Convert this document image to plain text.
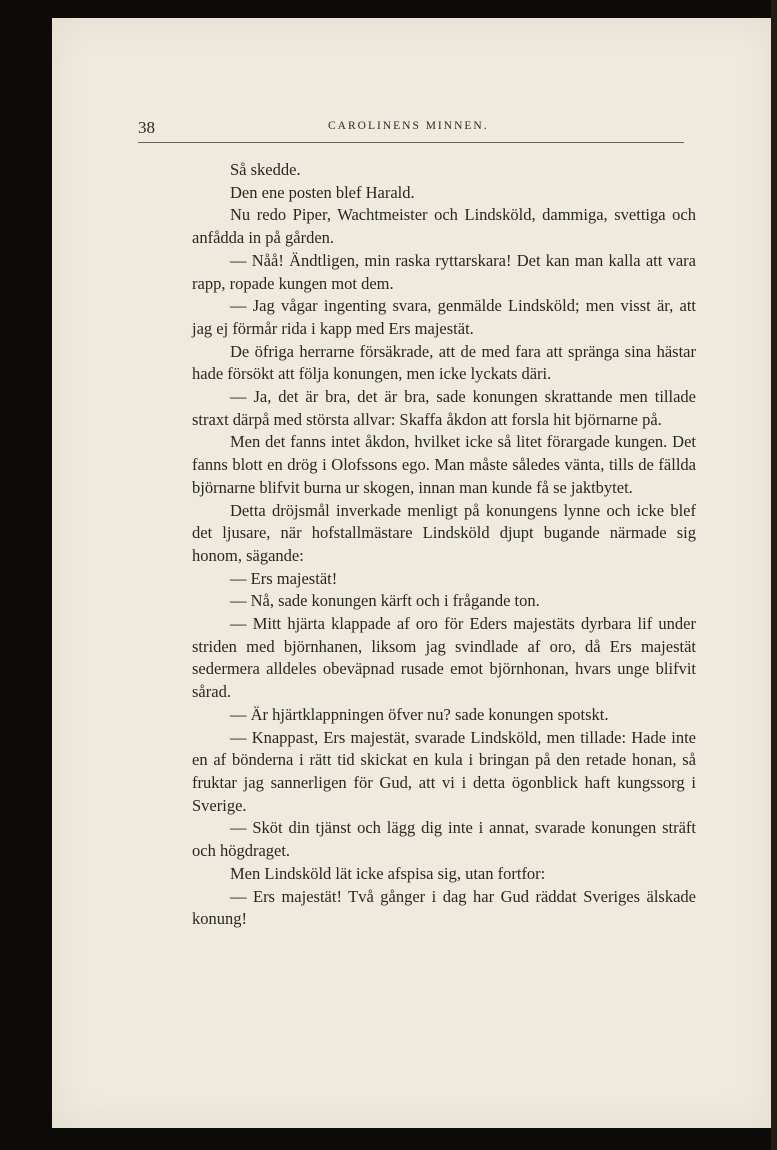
38	CAROLINENS MINNEN.

Så skedde.

Den ene posten blef Harald.

Nu redo Piper, Wachtmeister och Lindsköld, dammiga, svettiga och anfådda in på gården.

— Nåå! Ändtligen, min raska ryttarskara! Det kan man kalla att vara rapp, ropade kungen mot dem.

— Jag vågar ingenting svara, genmälde Lindsköld; men visst är, att jag ej förmår rida i kapp med Ers majestät.

De öfriga herrarne försäkrade, att de med fara att spränga sina hästar hade försökt att följa konungen, men icke lyckats däri.

— Ja, det är bra, det är bra, sade konungen skrattande men tillade straxt därpå med största allvar: Skaffa åkdon att forsla hit björnarne på.

Men det fanns intet åkdon, hvilket icke så litet förargade kungen. Det fanns blott en drög i Olofssons ego. Man måste således vänta, tills de fällda björnarne blifvit burna ur skogen, innan man kunde få se jaktbytet.

Detta dröjsmål inverkade menligt på konungens lynne och icke blef det ljusare, när hofstallmästare Lindsköld djupt bugande närmade sig honom, sägande:

— Ers majestät!

— Nå, sade konungen kärft och i frågande ton.

— Mitt hjärta klappade af oro för Eders majestäts dyrbara lif under striden med björnhanen, liksom jag svindlade af oro, då Ers majestät sedermera alldeles obeväpnad rusade emot björnhonan, hvars unge blifvit sårad.

— Är hjärtklappningen öfver nu? sade konungen spotskt.

— Knappast, Ers majestät, svarade Lindsköld, men tillade: Hade inte en af bönderna i rätt tid skickat en kula i bringan på den retade honan, så fruktar jag sannerligen för Gud, att vi i detta ögonblick haft kungssorg i Sverige.

— Sköt din tjänst och lägg dig inte i annat, svarade konungen sträft och högdraget.

Men Lindsköld lät icke afspisa sig, utan fortfor:

— Ers majestät! Två gånger i dag har Gud räddat Sveriges älskade konung!
